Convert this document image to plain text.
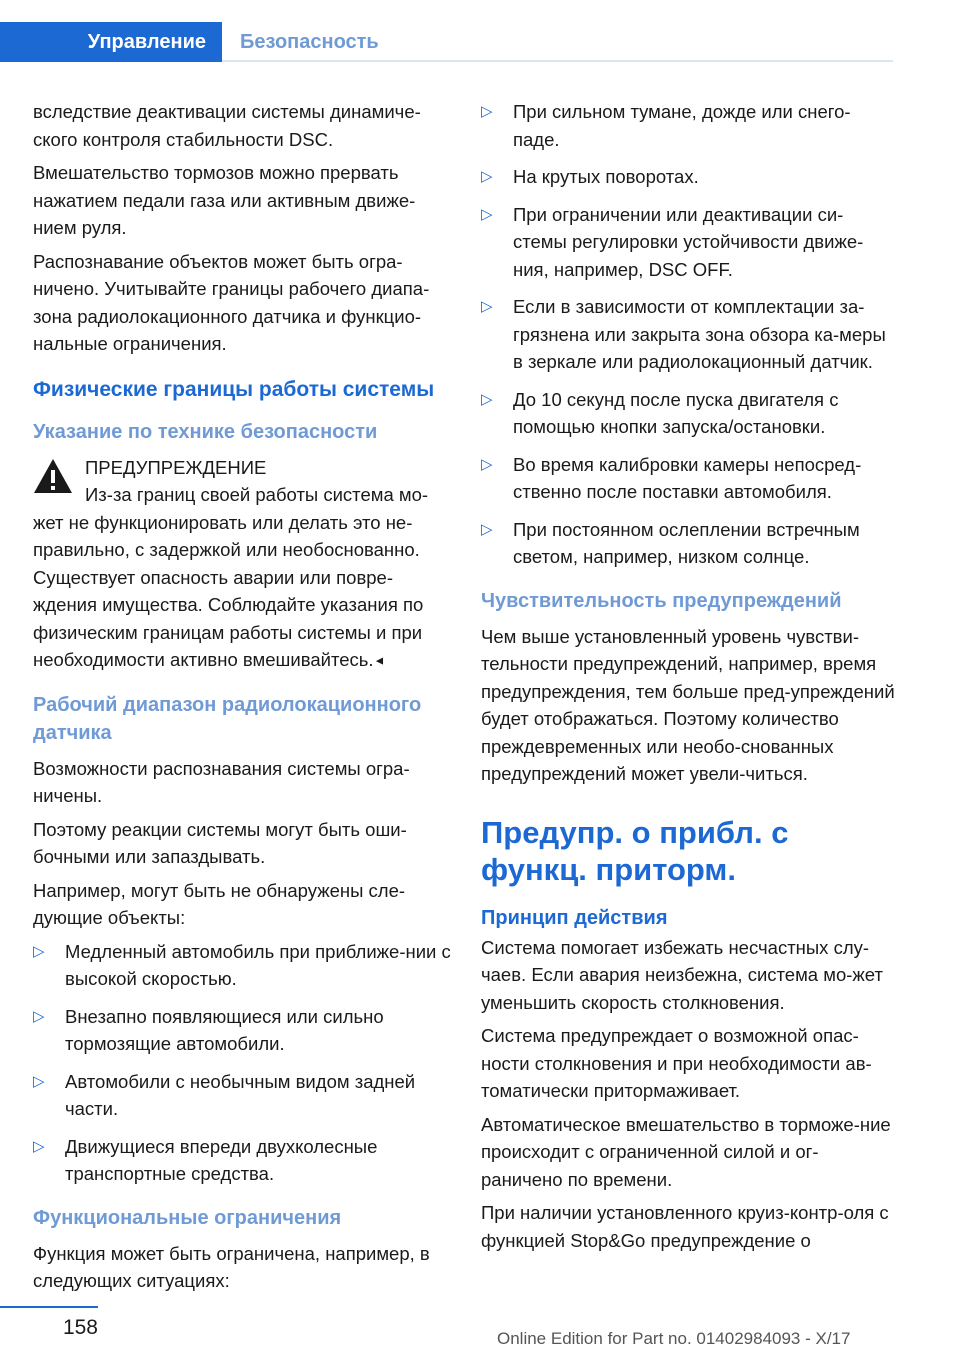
Управление	Безопасность

вследствие деактивации системы динамиче-ского контроля стабильности DSC.

Вмешательство тормозов можно прервать нажатием педали газа или активным движе-нием руля.

Распознавание объектов может быть огра-ничено. Учитывайте границы рабочего диапа-зона радиолокационного датчика и функцио-нальные ограничения.

Физические границы работы системы
Указание по технике безопасности
ПРЕДУПРЕЖДЕНИЕ
Из-за границ своей работы система мо-

жет не функционировать или делать это не-правильно, с задержкой или необоснованно. Существует опасность аварии или повре-ждения имущества. Соблюдайте указания по физическим границам работы системы и при необходимости активно вмешивайтесь.◄

Рабочий диапазон радиолокационного датчика

Возможности распознавания системы огра-ничены.

Поэтому реакции системы могут быть оши-бочными или запаздывать.

Например, могут быть не обнаружены сле-дующие объекты:

▷ Медленный автомобиль при приближе-нии с высокой скоростью.
▷ Внезапно появляющиеся или сильно тормозящие автомобили.
▷ Автомобили с необычным видом задней части.
▷ Движущиеся впереди двухколесные транспортные средства.
Функциональные ограничения

Функция может быть ограничена, например, в следующих ситуациях:

▷ При сильном тумане, дожде или снего-паде.
▷ На крутых поворотах.
▷ При ограничении или деактивации си-стемы регулировки устойчивости движе-ния, например, DSC OFF.
▷ Если в зависимости от комплектации за-грязнена или закрыта зона обзора ка-меры в зеркале или радиолокационный датчик.
▷ До 10 секунд после пуска двигателя с помощью кнопки запуска/остановки.
▷ Во время калибровки камеры непосред-ственно после поставки автомобиля.
▷ При постоянном ослеплении встречным светом, например, низком солнце.
Чувствительность предупреждений

Чем выше установленный уровень чувстви-тельности предупреждений, например, время предупреждения, тем больше пред-упреждений будет отображаться. Поэтому количество преждевременных или необо-снованных предупреждений может увели-читься.

Предупр. о прибл. с функц. приторм.
Принцип действия

Система помогает избежать несчастных слу-чаев. Если авария неизбежна, система мо-жет уменьшить скорость столкновения.

Система предупреждает о возможной опас-ности столкновения и при необходимости ав-томатически притормаживает.

Автоматическое вмешательство в торможе-ние происходит с ограниченной силой и ог-раничено по времени.

При наличии установленного круиз-контр-оля с функцией Stop&Go предупреждение о

158	Online Edition for Part no. 01402984093 - X/17
